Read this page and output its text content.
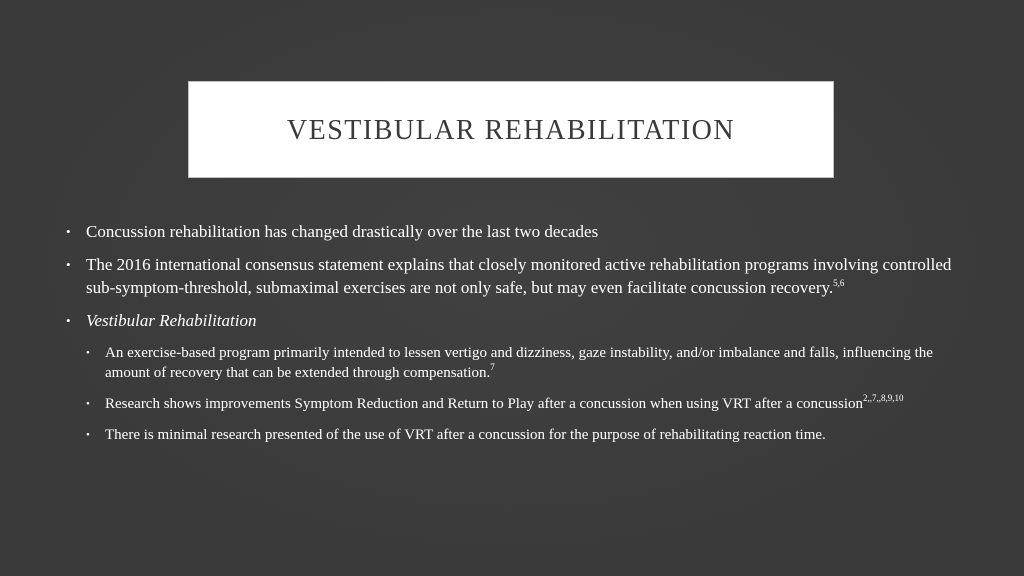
VESTIBULAR REHABILITATION
• Concussion rehabilitation has changed drastically over the last two decades
• The 2016 international consensus statement explains that closely monitored active rehabilitation programs involving controlled sub-symptom-threshold, submaximal exercises are not only safe, but may even facilitate concussion recovery.$^{5,6}$
• Vestibular Rehabilitation
• An exercise-based program primarily intended to lessen vertigo and dizziness, gaze instability, and/or imbalance and falls, influencing the amount of recovery that can be extended through compensation.$^7$
• Research shows improvements Symptom Reduction and Return to Play after a concussion when using VRT after a concussion$^{2,,7,,8,9,10}$
• There is minimal research presented of the use of VRT after a concussion for the purpose of rehabilitating reaction time.
